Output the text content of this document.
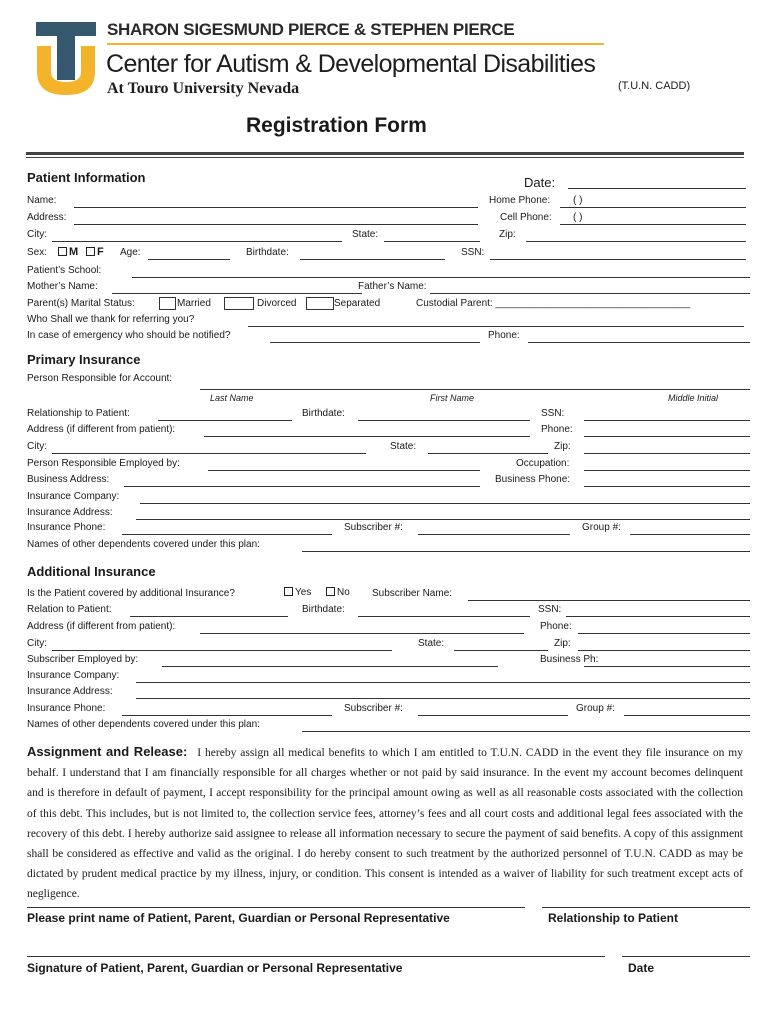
SHARON SIGESMUND PIERCE & STEPHEN PIERCE
Center for Autism & Developmental Disabilities
At Touro University Nevada	(T.U.N. CADD)
Registration Form
Patient Information	Date:
Name:	Home Phone: ( )
Address:	Cell Phone: ( )
City:	State:	Zip:
Sex:	M	F Age:	Birthdate:	SSN:
Patient’s School:
Mother’s Name:	Father’s Name:
Parent(s) Marital Status:	Married	Divorced	Separated	Custodial Parent: ___________________________________
Who Shall we thank for referring you?
In case of emergency who should be notified?	Phone:
Primary Insurance
Person Responsible for Account:
Last Name	First Name	Middle Initial
Relationship to Patient:	Birthdate:	SSN:
Address (if different from patient):	Phone:
City:	State:	Zip:
Person Responsible Employed by:	Occupation:
Business Address:	Business Phone:
Insurance Company:
Insurance Address:
Insurance Phone:	Subscriber #:	Group #:
Names of other dependents covered under this plan:
Additional Insurance
Is the Patient covered by additional Insurance?	Yes	No Subscriber Name:
Relation to Patient:	Birthdate:	SSN:
Address (if different from patient):	Phone:
City:	State:	Zip:
Subscriber Employed by:	Business Ph:
Insurance Company:
Insurance Address:
Insurance Phone:	Subscriber #:	Group #:
Names of other dependents covered under this plan:
Assignment and Release: I hereby assign all medical benefits to which I am entitled to T.U.N. CADD in the event they file insurance on my behalf. I understand that I am financially responsible for all charges whether or not paid by said insurance. In the event my account becomes delinquent and is therefore in default of payment, I accept responsibility for the principal amount owing as well as all reasonable costs associated with the collection of this debt. This includes, but is not limited to, the collection service fees, attorney’s fees and all court costs and additional legal fees associated with the recovery of this debt. I hereby authorize said assignee to release all information necessary to secure the payment of said benefits. A copy of this assignment shall be considered as effective and valid as the original. I do hereby consent to such treatment by the authorized personnel of T.U.N. CADD as may be dictated by prudent medical practice by my illness, injury, or condition. This consent is intended as a waiver of liability for such treatment except acts of negligence.
Please print name of Patient, Parent, Guardian or Personal Representative	Relationship to Patient
Signature of Patient, Parent, Guardian or Personal Representative	Date
